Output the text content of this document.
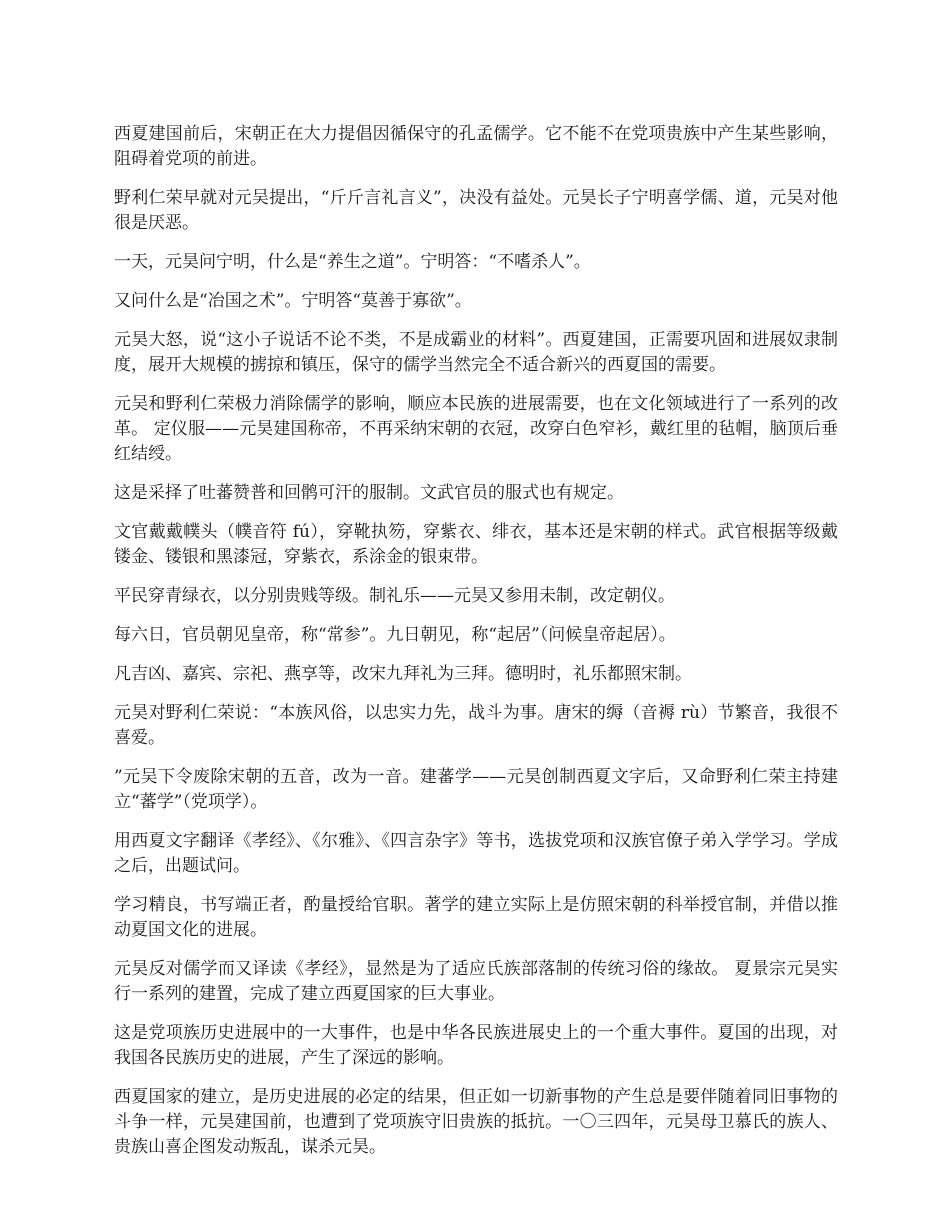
西夏建国前后，宋朝正在大力提倡因循保守的孔孟儒学。它不能不在党项贵族中产生某些影响，阻碍着党项的前进。

野利仁荣早就对元吴提出，“斤斤言礼言义”，决没有益处。元昊长子宁明喜学儒、道，元吴对他很是厌恶。

一天，元昊问宁明，什么是“养生之道”。宁明答：“不嗜杀人”。

又问什么是“冶国之术”。宁明答“莫善于寡欲”。

元昊大怒，说“这小子说话不论不类，不是成霸业的材料”。西夏建国，正需要巩固和进展奴隶制度，展开大规模的掳掠和镇压，保守的儒学当然完全不适合新兴的西夏国的需要。

元吴和野利仁荣极力消除儒学的影响，顺应本民族的进展需要，也在文化领域进行了一系列的改革。 定仪服——元昊建国称帝，不再采纳宋朝的衣冠，改穿白色窄衫，戴红里的毡帽，脑顶后垂红结绶。

这是采择了吐蕃赞普和回鹘可汗的服制。文武官员的服式也有规定。

文官戴戴幞头（幞音符 fú），穿靴执笏，穿紫衣、绯衣，基本还是宋朝的样式。武官根据等级戴镂金、镂银和黑漆冠，穿紫衣，系涂金的银束带。

平民穿青绿衣，以分别贵贱等级。制礼乐——元昊又参用未制，改定朝仪。

每六日，官员朝见皇帝，称“常参”。九日朝见，称“起居”（问候皇帝起居）。

凡吉凶、嘉宾、宗祀、燕享等，改宋九拜礼为三拜。德明时，礼乐都照宋制。

元昊对野利仁荣说：“本族风俗，以忠实力先，战斗为事。唐宋的缛（音褥 rù）节繁音，我很不喜爱。

”元吴下令废除宋朝的五音，改为一音。建蕃学——元昊创制西夏文字后，又命野利仁荣主持建立“蕃学”（党项学）。

用西夏文字翻译《孝经》、《尔雅》、《四言杂字》等书，选拔党项和汉族官僚子弟入学学习。学成之后，出题试问。

学习精良，书写端正者，酌量授给官职。著学的建立实际上是仿照宋朝的科举授官制，并借以推动夏国文化的进展。

元昊反对儒学而又译读《孝经》，显然是为了适应氏族部落制的传统习俗的缘故。 夏景宗元昊实行一系列的建置，完成了建立西夏国家的巨大事业。

这是党项族历史进展中的一大事件，也是中华各民族进展史上的一个重大事件。夏国的出现，对我国各民族历史的进展，产生了深远的影响。

西夏国家的建立，是历史进展的必定的结果，但正如一切新事物的产生总是要伴随着同旧事物的斗争一样，元昊建国前，也遭到了党项族守旧贵族的抵抗。一〇三四年，元昊母卫慕氏的族人、贵族山喜企图发动叛乱，谋杀元昊。
